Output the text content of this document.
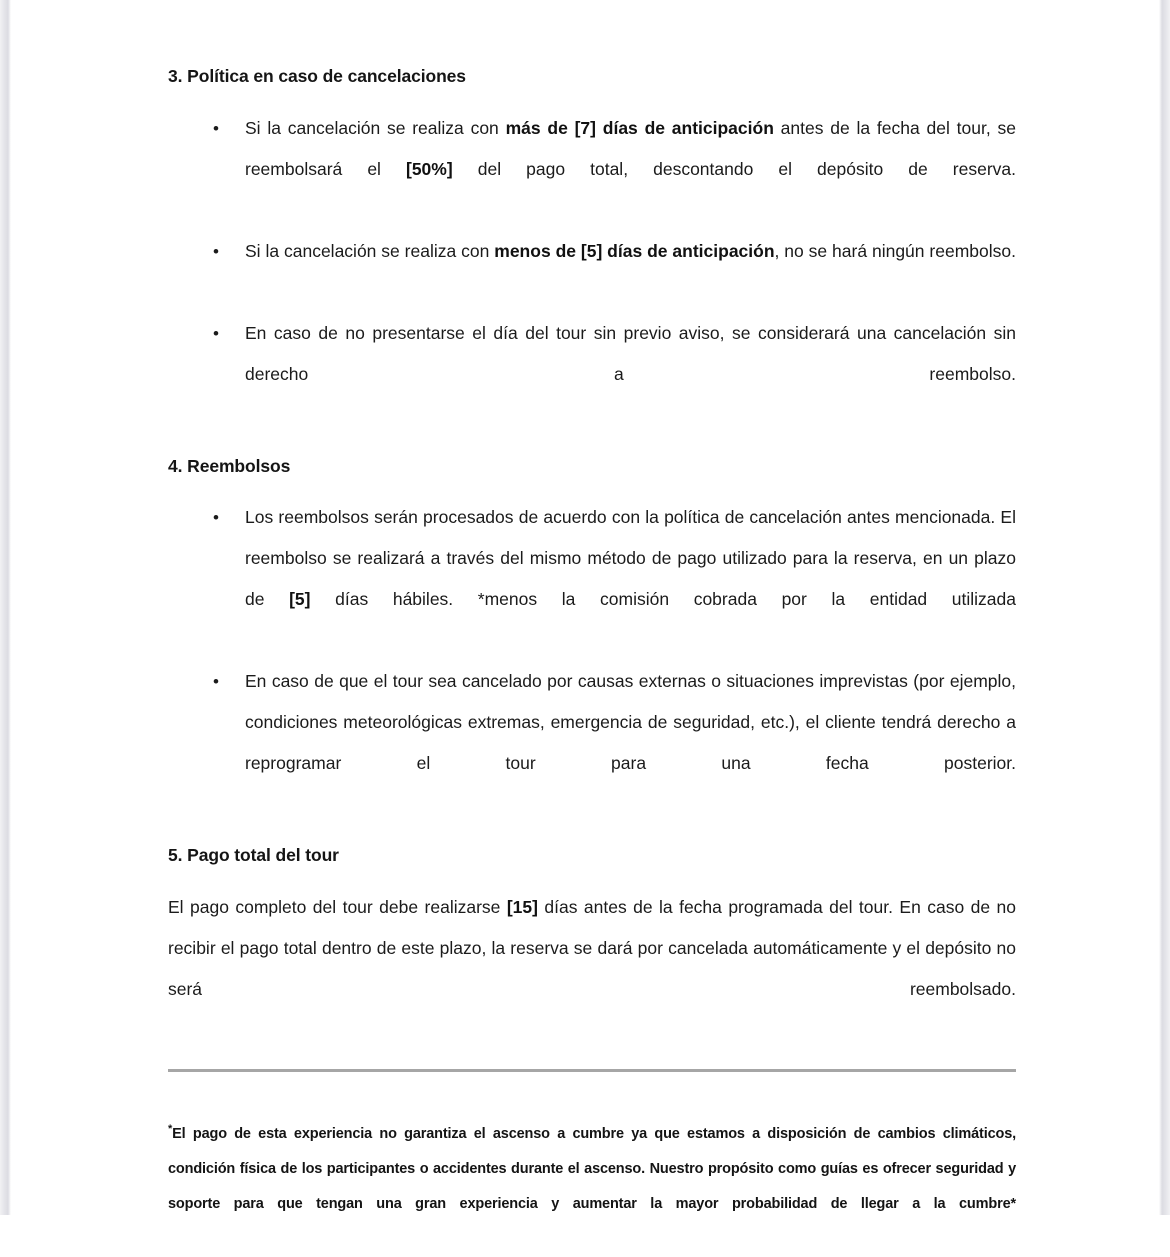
3. Política en caso de cancelaciones
• Si la cancelación se realiza con más de [7] días de anticipación antes de la fecha del tour, se reembolsará el [50%] del pago total, descontando el depósito de reserva.
• Si la cancelación se realiza con menos de [5] días de anticipación, no se hará ningún reembolso.
• En caso de no presentarse el día del tour sin previo aviso, se considerará una cancelación sin derecho a reembolso.
4. Reembolsos
• Los reembolsos serán procesados de acuerdo con la política de cancelación antes mencionada. El reembolso se realizará a través del mismo método de pago utilizado para la reserva, en un plazo de [5] días hábiles. *menos la comisión cobrada por la entidad utilizada
• En caso de que el tour sea cancelado por causas externas o situaciones imprevistas (por ejemplo, condiciones meteorológicas extremas, emergencia de seguridad, etc.), el cliente tendrá derecho a reprogramar el tour para una fecha posterior.
5. Pago total del tour

El pago completo del tour debe realizarse [15] días antes de la fecha programada del tour. En caso de no recibir el pago total dentro de este plazo, la reserva se dará por cancelada automáticamente y el depósito no será reembolsado.

*El pago de esta experiencia no garantiza el ascenso a cumbre ya que estamos a disposición de cambios climáticos, condición física de los participantes o accidentes durante el ascenso. Nuestro propósito como guías es ofrecer seguridad y soporte para que tengan una gran experiencia y aumentar la mayor probabilidad de llegar a la cumbre*
